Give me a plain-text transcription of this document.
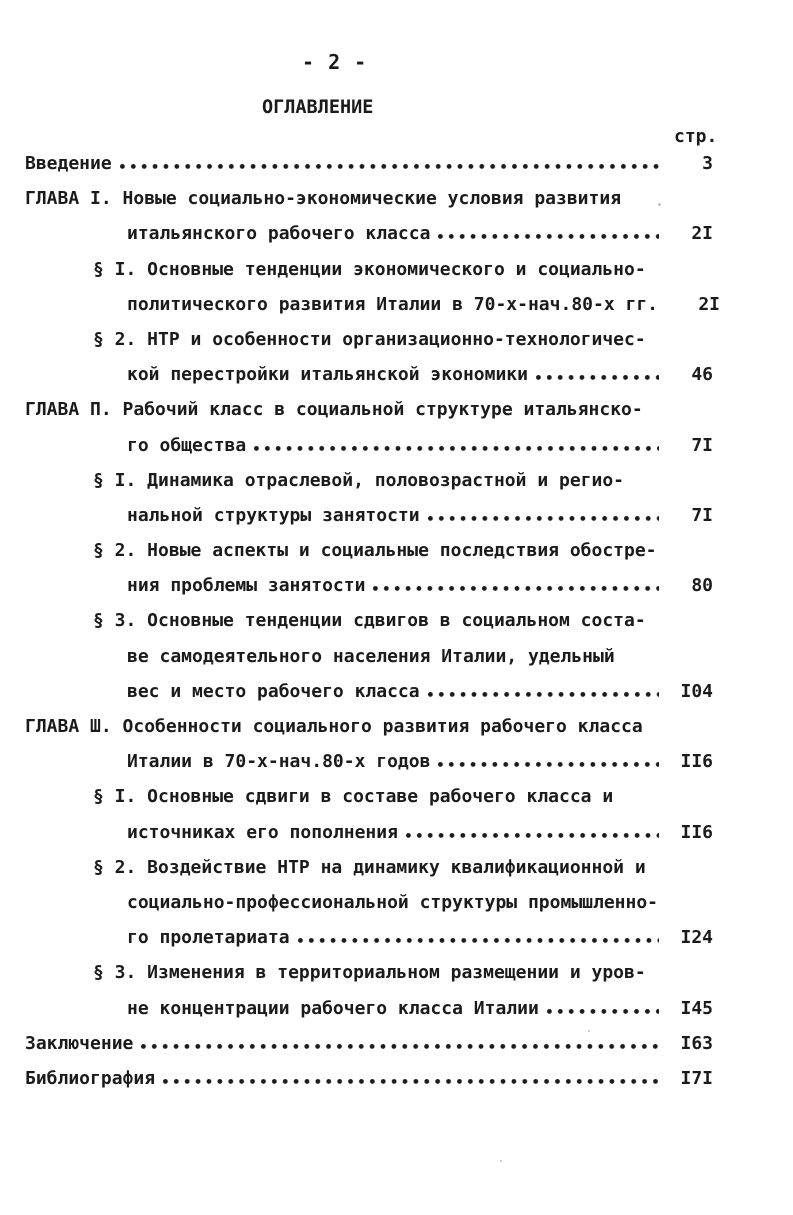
- 2 -
ОГЛАВЛЕНИЕ
стр.
Введение	3
ГЛАВА I. Новые социально-экономические условия развития
итальянского рабочего класса	2I
§ I. Основные тенденции экономического и социально-
политического развития Италии в 70-х-нач.80-х гг.	2I
§ 2. НТР и особенности организационно-технологичес-
кой перестройки итальянской экономики	46
ГЛАВА П. Рабочий класс в социальной структуре итальянско-
го общества	7I
§ I. Динамика отраслевой, половозрастной и регио-
нальной структуры занятости	7I
§ 2. Новые аспекты и социальные последствия обостре-
ния проблемы занятости	80
§ 3. Основные тенденции сдвигов в социальном соста-
ве самодеятельного населения Италии, удельный
вес и место рабочего класса	I04
ГЛАВА Ш. Особенности социального развития рабочего класса
Италии в 70-х-нач.80-х годов	II6
§ I. Основные сдвиги в составе рабочего класса и
источниках его пополнения	II6
§ 2. Воздействие НТР на динамику квалификационной и
социально-профессиональной структуры промышленно-
го пролетариата	I24
§ 3. Изменения в территориальном размещении и уров-
не концентрации рабочего класса Италии	I45
Заключение	I63
Библиография	I7I
